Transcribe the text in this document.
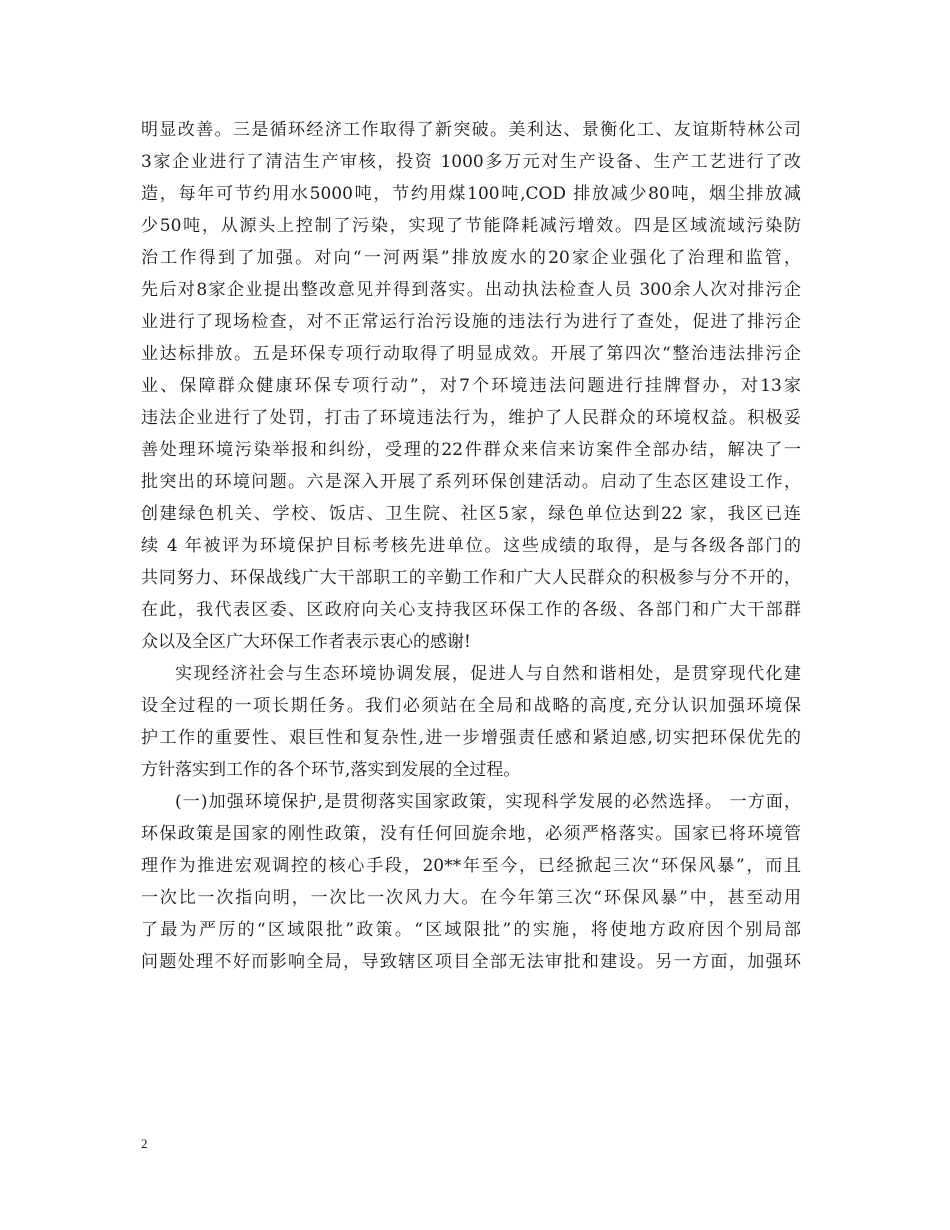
明显改善。三是循环经济工作取得了新突破。美利达、景衡化工、友谊斯特林公司
3家企业进行了清洁生产审核，投资 1000多万元对生产设备、生产工艺进行了改
造，每年可节约用水5000吨，节约用煤100吨,COD 排放减少80吨，烟尘排放减
少50吨，从源头上控制了污染，实现了节能降耗减污增效。四是区域流域污染防
治工作得到了加强。对向“一河两渠”排放废水的20家企业强化了治理和监管，
先后对8家企业提出整改意见并得到落实。出动执法检查人员 300余人次对排污企
业进行了现场检查，对不正常运行治污设施的违法行为进行了查处，促进了排污企
业达标排放。五是环保专项行动取得了明显成效。开展了第四次“整治违法排污企
业、保障群众健康环保专项行动”，对7个环境违法问题进行挂牌督办，对13家
违法企业进行了处罚，打击了环境违法行为，维护了人民群众的环境权益。积极妥
善处理环境污染举报和纠纷，受理的22件群众来信来访案件全部办结，解决了一
批突出的环境问题。六是深入开展了系列环保创建活动。启动了生态区建设工作，
创建绿色机关、学校、饭店、卫生院、社区5家，绿色单位达到22 家，我区已连
续 4 年被评为环境保护目标考核先进单位。这些成绩的取得，是与各级各部门的
共同努力、环保战线广大干部职工的辛勤工作和广大人民群众的积极参与分不开的，
在此，我代表区委、区政府向关心支持我区环保工作的各级、各部门和广大干部群
众以及全区广大环保工作者表示衷心的感谢!
实现经济社会与生态环境协调发展，促进人与自然和谐相处，是贯穿现代化建
设全过程的一项长期任务。我们必须站在全局和战略的高度,充分认识加强环境保
护工作的重要性、艰巨性和复杂性,进一步增强责任感和紧迫感,切实把环保优先的
方针落实到工作的各个环节,落实到发展的全过程。
(一)加强环境保护,是贯彻落实国家政策，实现科学发展的必然选择。 一方面，
环保政策是国家的刚性政策，没有任何回旋余地，必须严格落实。国家已将环境管
理作为推进宏观调控的核心手段，20**年至今，已经掀起三次“环保风暴”，而且
一次比一次指向明，一次比一次风力大。在今年第三次“环保风暴”中，甚至动用
了最为严厉的“区域限批”政策。“区域限批”的实施，将使地方政府因个别局部
问题处理不好而影响全局，导致辖区项目全部无法审批和建设。另一方面，加强环
2
